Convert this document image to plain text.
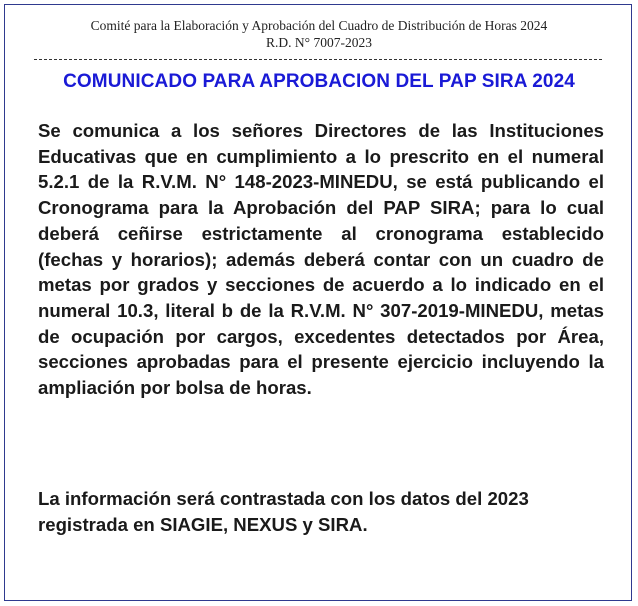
Comité para la Elaboración y Aprobación del Cuadro de Distribución de Horas 2024
R.D. N° 7007-2023
COMUNICADO PARA APROBACION DEL PAP SIRA 2024

Se comunica a los señores Directores de las Instituciones Educativas que en cumplimiento a lo prescrito en el numeral 5.2.1 de la R.V.M. N° 148-2023-MINEDU, se está publicando el Cronograma para la Aprobación del PAP SIRA; para lo cual deberá ceñirse estrictamente al cronograma establecido (fechas y horarios); además deberá contar con un cuadro de metas por grados y secciones de acuerdo a lo indicado en el numeral 10.3, literal b de la R.V.M. N° 307-2019-MINEDU, metas de ocupación por cargos, excedentes detectados por Área, secciones aprobadas para el presente ejercicio incluyendo la ampliación por bolsa de horas.

La información será contrastada con los datos del 2023 registrada en SIAGIE, NEXUS y SIRA.
